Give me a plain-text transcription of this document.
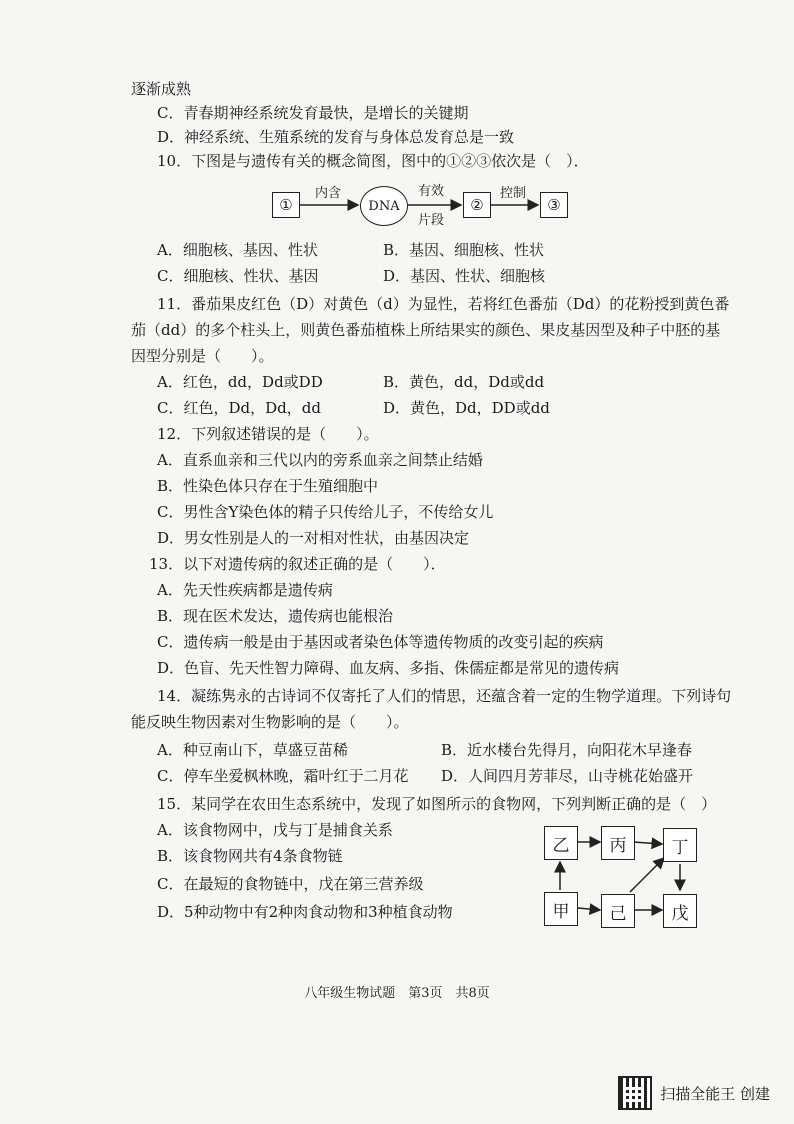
逐渐成熟
C．青春期神经系统发育最快，是增长的关键期
D．神经系统、生殖系统的发育与身体总发育总是一致
10．下图是与遗传有关的概念简图，图中的①②③依次是（　）．
①	DNA	②	③
内含	有效
片段
控制
A．细胞核、基因、性状	B．基因、细胞核、性状
C．细胞核、性状、基因	D．基因、性状、细胞核
11．番茄果皮红色（D）对黄色（d）为显性，若将红色番茄（Dd）的花粉授到黄色番
茄（dd）的多个柱头上，则黄色番茄植株上所结果实的颜色、果皮基因型及种子中胚的基
因型分别是（　　）。
A．红色，dd，Dd或DD	B．黄色，dd，Dd或dd
C．红色，Dd，Dd，dd	D．黄色，Dd，DD或dd
12．下列叙述错误的是（　　）。
A．直系血亲和三代以内的旁系血亲之间禁止结婚
B．性染色体只存在于生殖细胞中
C．男性含Y染色体的精子只传给儿子，不传给女儿
D．男女性别是人的一对相对性状，由基因决定
13．以下对遗传病的叙述正确的是（　　）．
A．先天性疾病都是遗传病
B．现在医术发达，遗传病也能根治
C．遗传病一般是由于基因或者染色体等遗传物质的改变引起的疾病
D．色盲、先天性智力障碍、血友病、多指、侏儒症都是常见的遗传病
14．凝练隽永的古诗词不仅寄托了人们的情思，还蕴含着一定的生物学道理。下列诗句
能反映生物因素对生物影响的是（　　）。
A．种豆南山下，草盛豆苗稀	B．近水楼台先得月，向阳花木早逢春
C．停车坐爱枫林晚，霜叶红于二月花 D．人间四月芳菲尽，山寺桃花始盛开
15．某同学在农田生态系统中，发现了如图所示的食物网，下列判断正确的是（　）
A．该食物网中，戊与丁是捕食关系
B．该食物网共有4条食物链
C．在最短的食物链中，戊在第三营养级
D．5种动物中有2种肉食动物和3种植食动物
乙	丙	丁
甲	己	戊
八年级生物试题　第3页　共8页
扫描全能王 创建
